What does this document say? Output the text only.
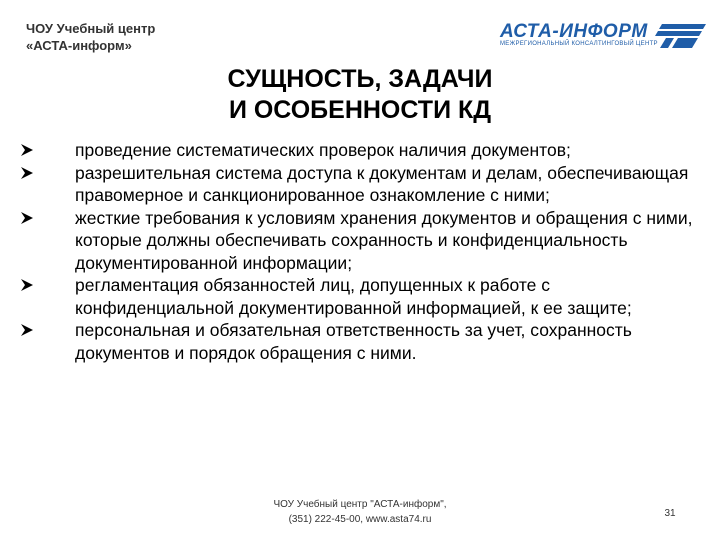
ЧОУ Учебный центр
«АСТА-информ»
АСТА-ИНФОРМ
МЕЖРЕГИОНАЛЬНЫЙ КОНСАЛТИНГОВЫЙ ЦЕНТР
СУЩНОСТЬ, ЗАДАЧИ
И ОСОБЕННОСТИ КД
проведение систематических проверок наличия документов;
разрешительная система доступа к документам и делам, обеспечивающая правомерное и санкционированное ознакомление с ними;
жесткие требования к условиям хранения документов и обращения с ними, которые должны обеспечивать сохранность и конфиденциальность документированной информации;
регламентация обязанностей лиц, допущенных к работе с конфиденциальной документированной информацией, к ее защите;
персональная и обязательная ответственность за учет, сохранность документов и порядок обращения с ними.
ЧОУ Учебный центр "АСТА-информ",
(351) 222-45-00, www.asta74.ru
31
